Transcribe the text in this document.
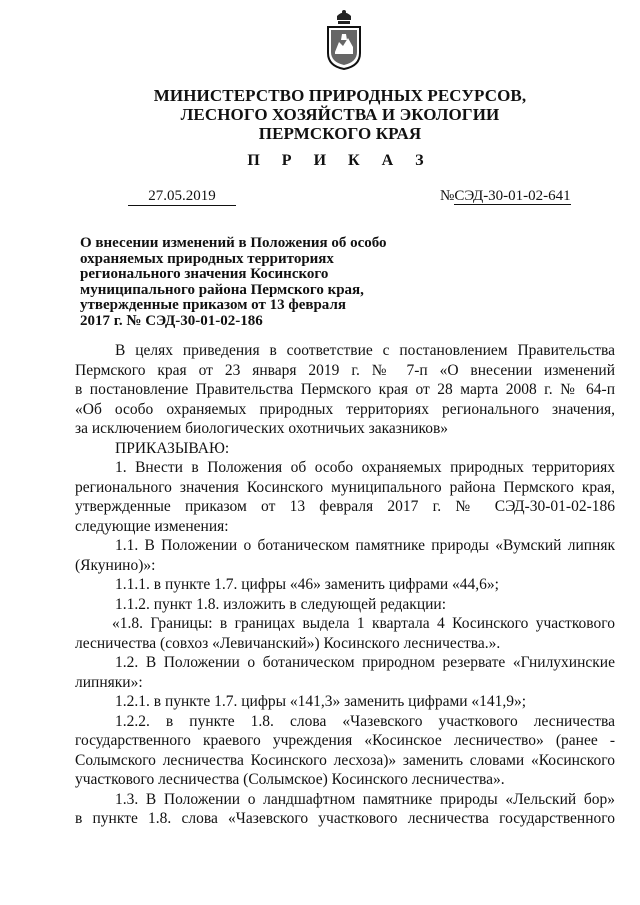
МИНИСТЕРСТВО ПРИРОДНЫХ РЕСУРСОВ,
ЛЕСНОГО ХОЗЯЙСТВА И ЭКОЛОГИИ
ПЕРМСКОГО КРАЯ
П Р И К А З
27.05.2019	№СЭД-30-01-02-641
О внесении изменений в Положения об особо
охраняемых природных территориях
регионального значения Косинского
муниципального района Пермского края,
утвержденные приказом от 13 февраля
2017 г. № СЭД-30-01-02-186
В целях приведения в соответствие с постановлением Правительства
Пермского края от 23 января 2019 г. № 7-п «О внесении изменений
в постановление Правительства Пермского края от 28 марта 2008 г. № 64-п
«Об особо охраняемых природных территориях регионального значения,
за исключением биологических охотничьих заказников»
ПРИКАЗЫВАЮ:
1. Внести в Положения об особо охраняемых природных территориях
регионального значения Косинского муниципального района Пермского края,
утвержденные приказом от 13 февраля 2017 г. № СЭД-30-01-02-186
следующие изменения:
1.1. В Положении о ботаническом памятнике природы «Вумский липняк
(Якунино)»:
1.1.1. в пункте 1.7. цифры «46» заменить цифрами «44,6»;
1.1.2. пункт 1.8. изложить в следующей редакции:
«1.8. Границы: в границах выдела 1 квартала 4 Косинского участкового
лесничества (совхоз «Левичанский») Косинского лесничества.».
1.2. В Положении о ботаническом природном резервате «Гнилухинские
липняки»:
1.2.1. в пункте 1.7. цифры «141,3» заменить цифрами «141,9»;
1.2.2. в пункте 1.8. слова «Чазевского участкового лесничества
государственного краевого учреждения «Косинское лесничество» (ранее -
Солымского лесничества Косинского лесхоза)» заменить словами «Косинского
участкового лесничества (Солымское) Косинского лесничества».
1.3. В Положении о ландшафтном памятнике природы «Лельский бор»
в пункте 1.8. слова «Чазевского участкового лесничества государственного
